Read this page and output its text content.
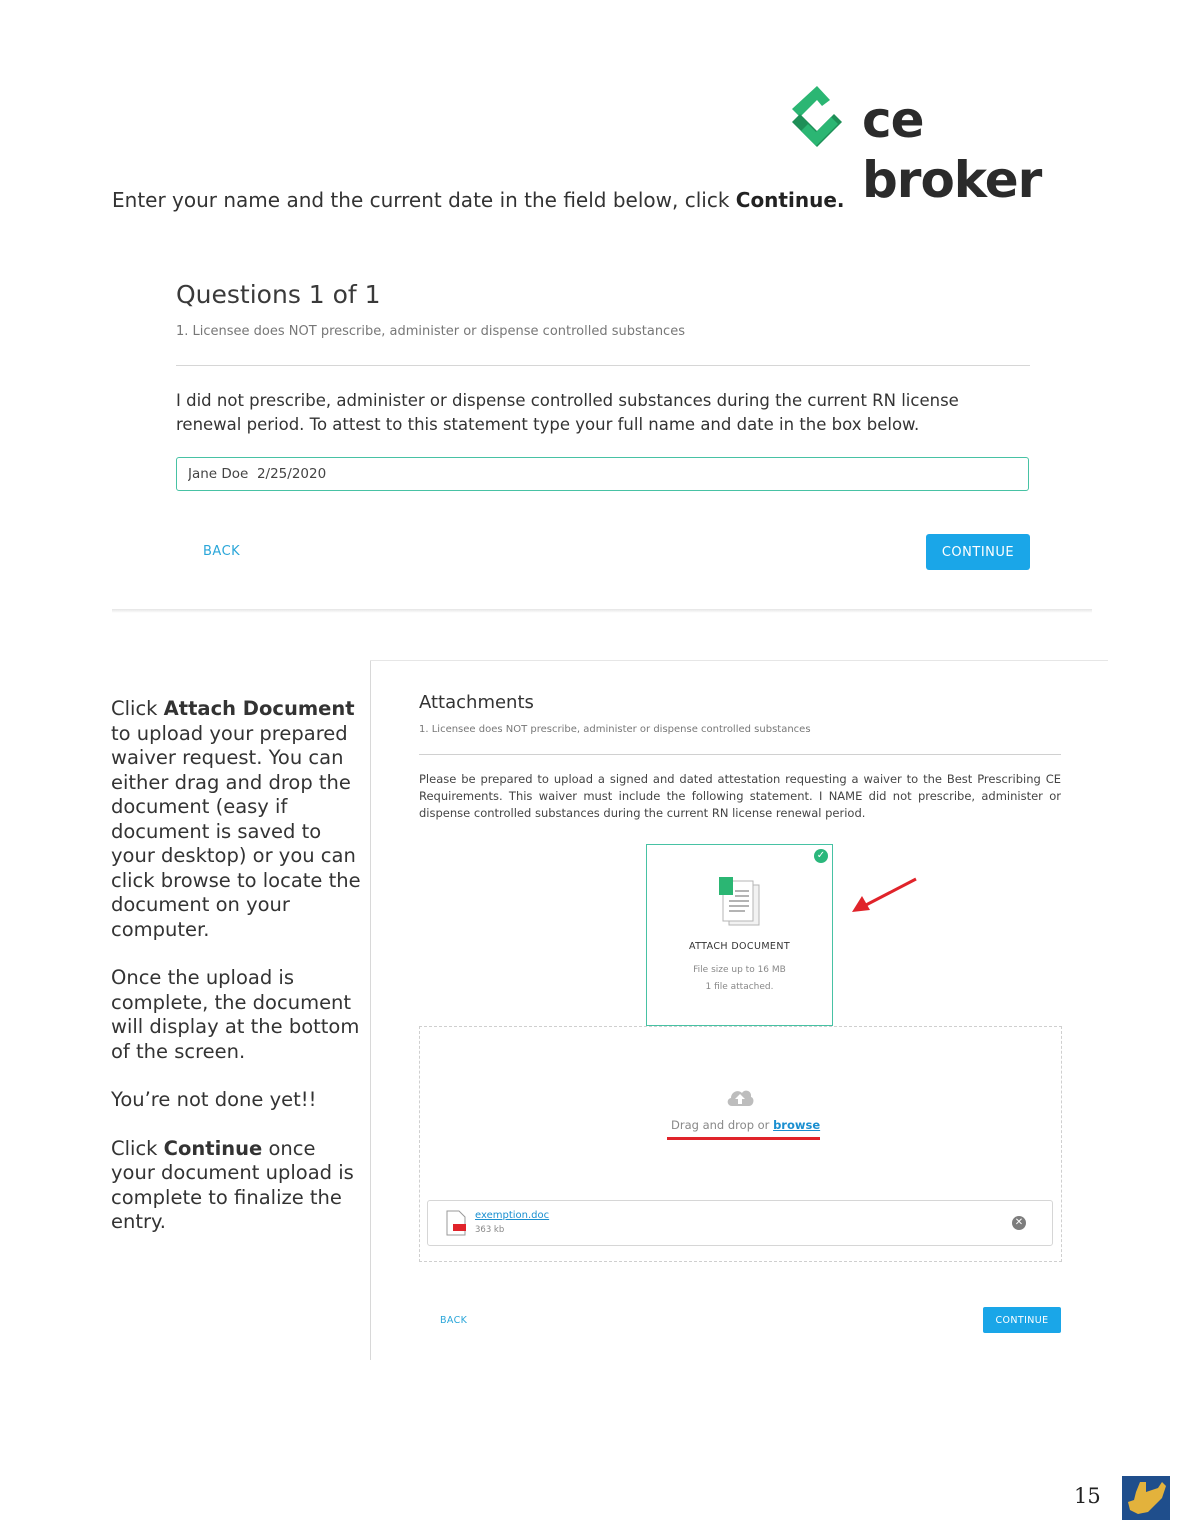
ce broker
Enter your name and the current date in the field below, click Continue.
Questions 1 of 1
1. Licensee does NOT prescribe, administer or dispense controlled substances
I did not prescribe, administer or dispense controlled substances during the current RN license renewal period. To attest to this statement type your full name and date in the box below.
Jane Doe 2/25/2020
BACK	CONTINUE

Click Attach Document to upload your prepared waiver request. You can either drag and drop the document (easy if document is saved to your desktop) or you can click browse to locate the document on your computer.

Once the upload is complete, the document will display at the bottom of the screen.

You’re not done yet!!

Click Continue once your document upload is complete to finalize the entry.

Attachments
1. Licensee does NOT prescribe, administer or dispense controlled substances
Please be prepared to upload a signed and dated attestation requesting a waiver to the Best Prescribing CE Requirements. This waiver must include the following statement. I NAME did not prescribe, administer or dispense controlled substances during the current RN license renewal period.
✓
ATTACH DOCUMENT
File size up to 16 MB
1 file attached.
Drag and drop or browse
exemption.doc
363 kb
✕
BACK	CONTINUE
15
